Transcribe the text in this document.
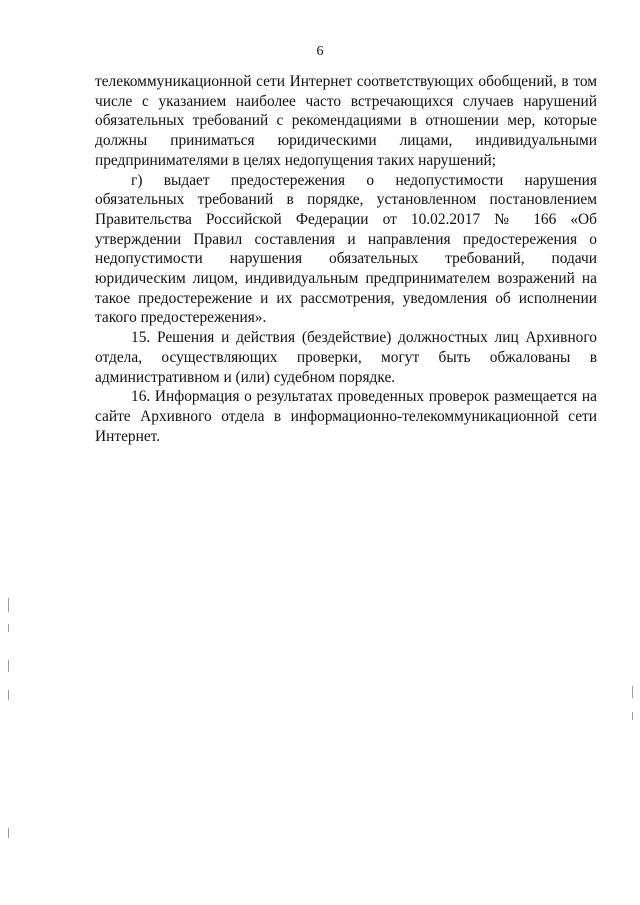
6

телекоммуникационной сети Интернет соответствующих обобщений, в том числе с указанием наиболее часто встречающихся случаев нарушений обязательных требований с рекомендациями в отношении мер, которые должны приниматься юридическими лицами, индивидуальными предпринимателями в целях недопущения таких нарушений;

г) выдает предостережения о недопустимости нарушения обязательных требований в порядке, установленном постановлением Правительства Российской Федерации от 10.02.2017 № 166 «Об утверждении Правил составления и направления предостережения о недопустимости нарушения обязательных требований, подачи юридическим лицом, индивидуальным предпринимателем возражений на такое предостережение и их рассмотрения, уведомления об исполнении такого предостережения».

15. Решения и действия (бездействие) должностных лиц Архивного отдела, осуществляющих проверки, могут быть обжалованы в административном и (или) судебном порядке.

16. Информация о результатах проведенных проверок размещается на сайте Архивного отдела в информационно-телекоммуникационной сети Интернет.
